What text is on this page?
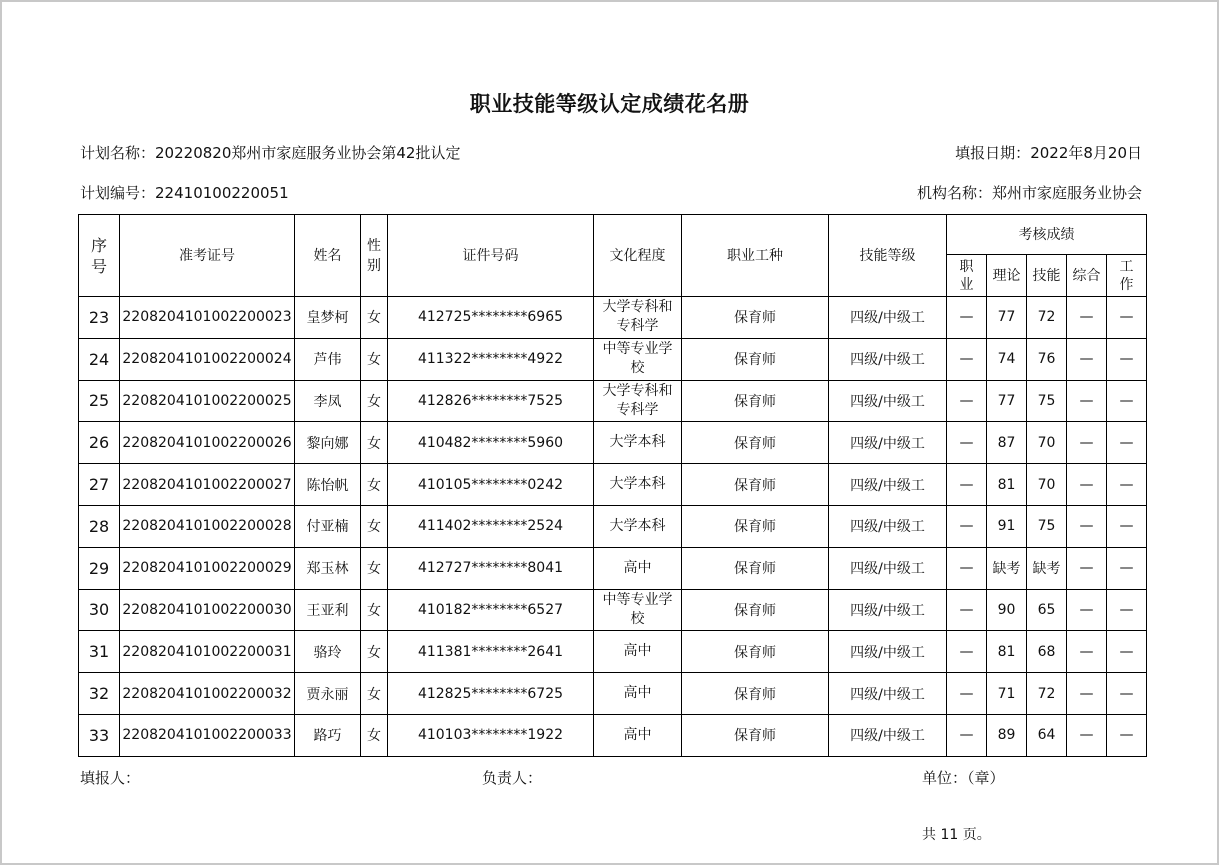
职业技能等级认定成绩花名册
计划名称：20220820郑州市家庭服务业协会第42批认定	填报日期：2022年8月20日
计划编号：22410100220051	机构名称：郑州市家庭服务业协会
序号	准考证号	姓名	性别	证件号码	文化程度	职业工种	技能等级	考核成绩				
								职业	理论	技能	综合	工作
23	2208204101002200023	皇梦柯	女	412725********6965	大学专科和专科学	保育师	四级/中级工	—	77	72	—	—
24	2208204101002200024	芦伟	女	411322********4922	中等专业学校	保育师	四级/中级工	—	74	76	—	—
25	2208204101002200025	李凤	女	412826********7525	大学专科和专科学	保育师	四级/中级工	—	77	75	—	—
26	2208204101002200026	黎向娜	女	410482********5960	大学本科	保育师	四级/中级工	—	87	70	—	—
27	2208204101002200027	陈怡帆	女	410105********0242	大学本科	保育师	四级/中级工	—	81	70	—	—
28	2208204101002200028	付亚楠	女	411402********2524	大学本科	保育师	四级/中级工	—	91	75	—	—
29	2208204101002200029	郑玉林	女	412727********8041	高中	保育师	四级/中级工	—	缺考	缺考	—	—
30	2208204101002200030	王亚利	女	410182********6527	中等专业学校	保育师	四级/中级工	—	90	65	—	—
31	2208204101002200031	骆玲	女	411381********2641	高中	保育师	四级/中级工	—	81	68	—	—
32	2208204101002200032	贾永丽	女	412825********6725	高中	保育师	四级/中级工	—	71	72	—	—
33	2208204101002200033	路巧	女	410103********1922	高中	保育师	四级/中级工	—	89	64	—	—
填报人：	负责人：	单位：（章）
共 11 页。
